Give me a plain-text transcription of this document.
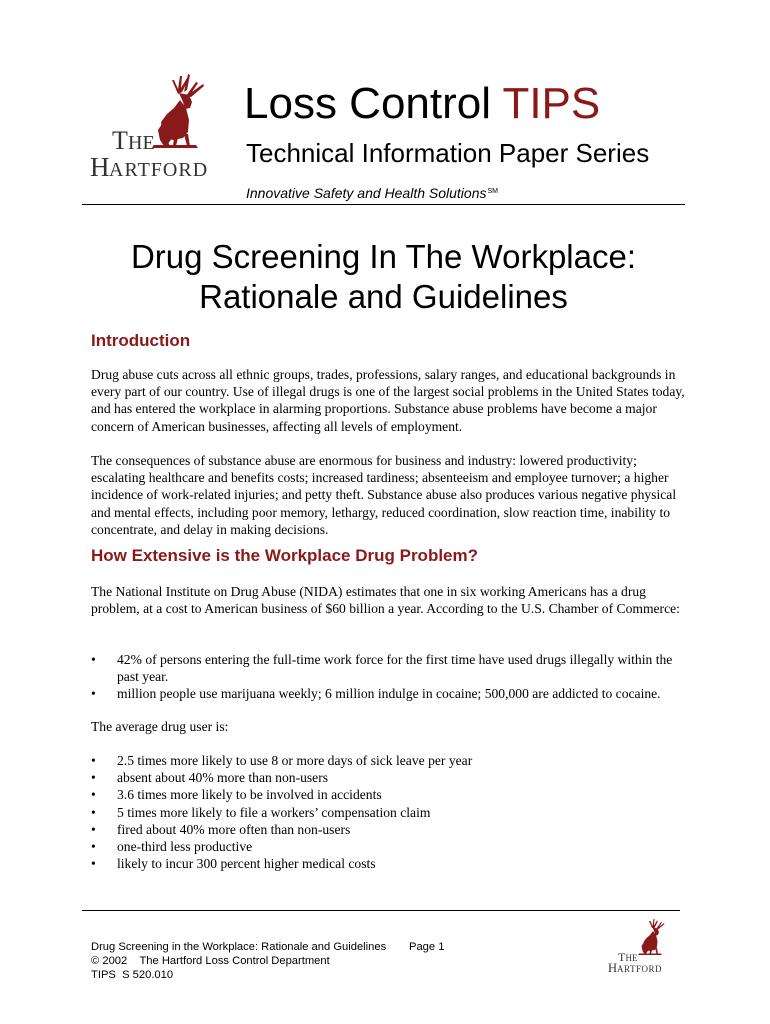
T HE
H ARTFORD
Loss Control TIPS
Technical Information Paper Series
Innovative Safety and Health Solutions℠
Drug Screening In The Workplace:
Rationale and Guidelines
Introduction
Drug abuse cuts across all ethnic groups, trades, professions, salary ranges, and educational backgrounds in every part of our country. Use of illegal drugs is one of the largest social problems in the United States today, and has entered the workplace in alarming proportions. Substance abuse problems have become a major concern of American businesses, affecting all levels of employment.
The consequences of substance abuse are enormous for business and industry: lowered productivity; escalating healthcare and benefits costs; increased tardiness; absenteeism and employee turnover; a higher incidence of work-related injuries; and petty theft. Substance abuse also produces various negative physical and mental effects, including poor memory, lethargy, reduced coordination, slow reaction time, inability to concentrate, and delay in making decisions.
How Extensive is the Workplace Drug Problem?
The National Institute on Drug Abuse (NIDA) estimates that one in six working Americans has a drug problem, at a cost to American business of $60 billion a year. According to the U.S. Chamber of Commerce:
• 42% of persons entering the full-time work force for the first time have used drugs illegally within the past year.
• million people use marijuana weekly; 6 million indulge in cocaine; 500,000 are addicted to cocaine.
The average drug user is:
• 2.5 times more likely to use 8 or more days of sick leave per year
• absent about 40% more than non-users
• 3.6 times more likely to be involved in accidents
• 5 times more likely to file a workers’ compensation claim
• fired about 40% more often than non-users
• one-third less productive
• likely to incur 300 percent higher medical costs
Drug Screening in the Workplace: Rationale and Guidelines Page 1
© 2002    The Hartford Loss Control Department
TIPS  S 520.010
T HE
H ARTFORD
